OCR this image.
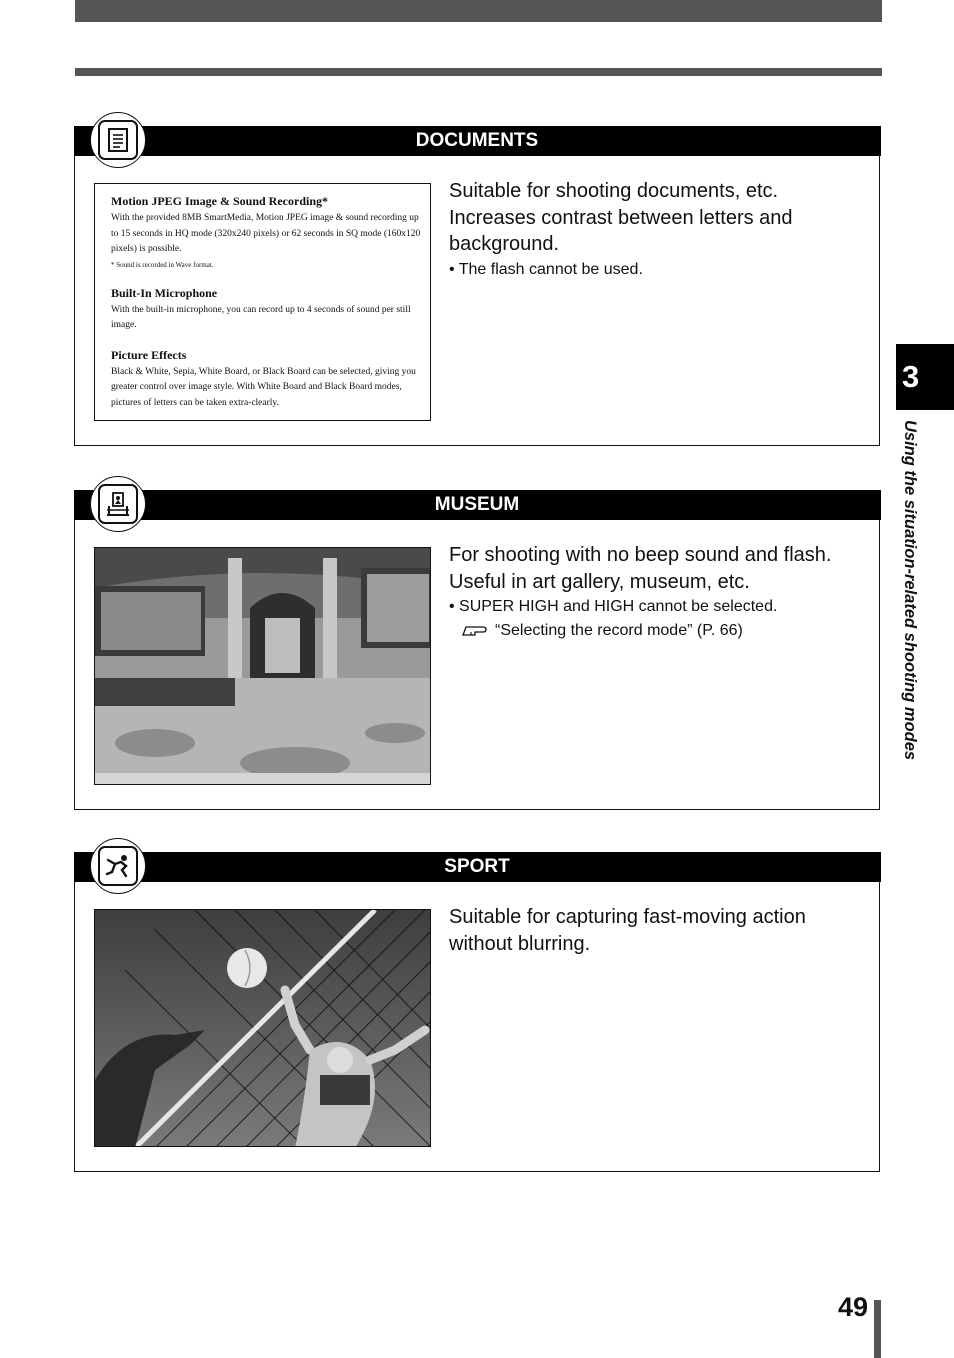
DOCUMENTS
Motion JPEG Image & Sound Recording*

With the provided 8MB SmartMedia, Motion JPEG image & sound recording up to 15 seconds in HQ mode (320x240 pixels) or 62 seconds in SQ mode (160x120 pixels) is possible.

* Sound is recorded in Wave format.

Built-In Microphone

With the built-in microphone, you can record up to 4 seconds of sound per still image.

Picture Effects

Black & White, Sepia, White Board, or Black Board can be selected, giving you greater control over image style. With White Board and Black Board modes, pictures of letters can be taken extra-clearly.

Suitable for shooting documents, etc. Increases contrast between letters and background.

• The flash cannot be used.

MUSEUM

For shooting with no beep sound and flash. Useful in art gallery, museum, etc.

• SUPER HIGH and HIGH cannot be selected.

“Selecting the record mode” (P. 66)
SPORT

Suitable for capturing fast-moving action without blurring.

3
Using the situation-related shooting modes
49
